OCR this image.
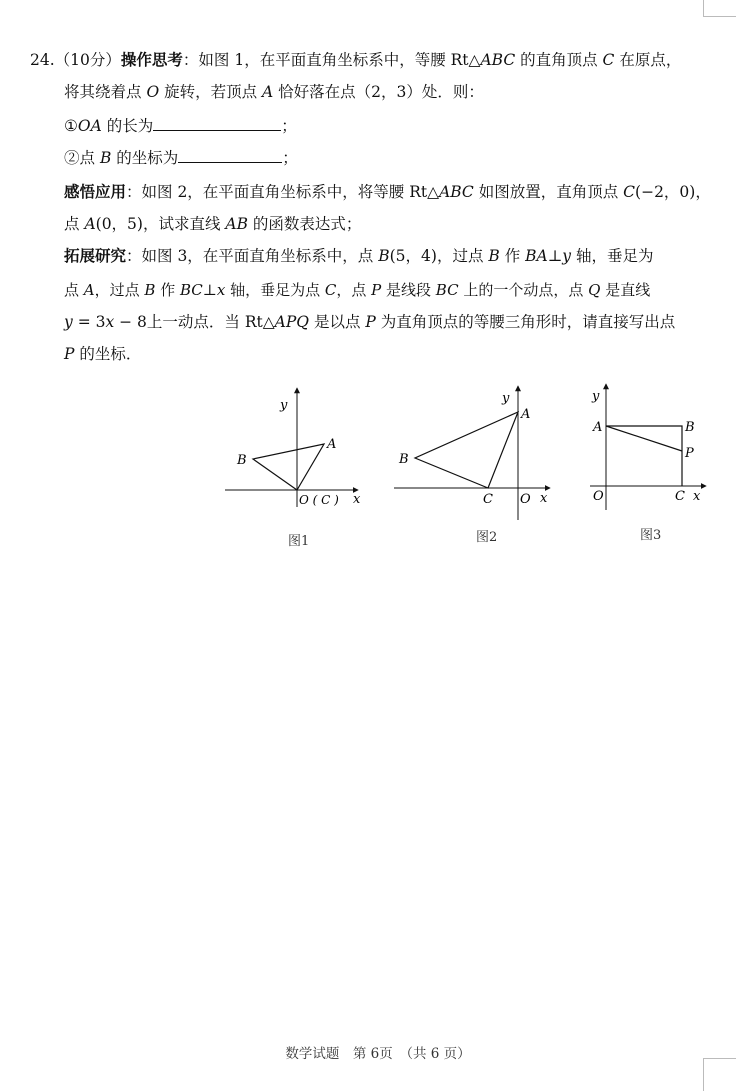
24.（10分）操作思考：如图 1，在平面直角坐标系中，等腰 Rt△ABC 的直角顶点 C 在原点，
将其绕着点 O 旋转，若顶点 A 恰好落在点（2，3）处．则：
①OA 的长为	；
②点 B 的坐标为	；
感悟应用：如图 2，在平面直角坐标系中，将等腰 Rt△ABC 如图放置，直角顶点 C(−2，0)，
点 A(0，5)，试求直线 AB 的函数表达式；
拓展研究：如图 3，在平面直角坐标系中，点 B(5，4)，过点 B 作 BA⊥y 轴，垂足为
点 A，过点 B 作 BC⊥x 轴，垂足为点 C，点 P 是线段 BC 上的一个动点，点 Q 是直线
y = 3x − 8上一动点．当 Rt△APQ 是以点 P 为直角顶点的等腰三角形时，请直接写出点
P 的坐标．
y
x
A
B
O ( C )
图1
y
x
A
B
C O
图2
y
x
A	B
P
C
O
图3
数学试题　第 6页　（共 6 页）
